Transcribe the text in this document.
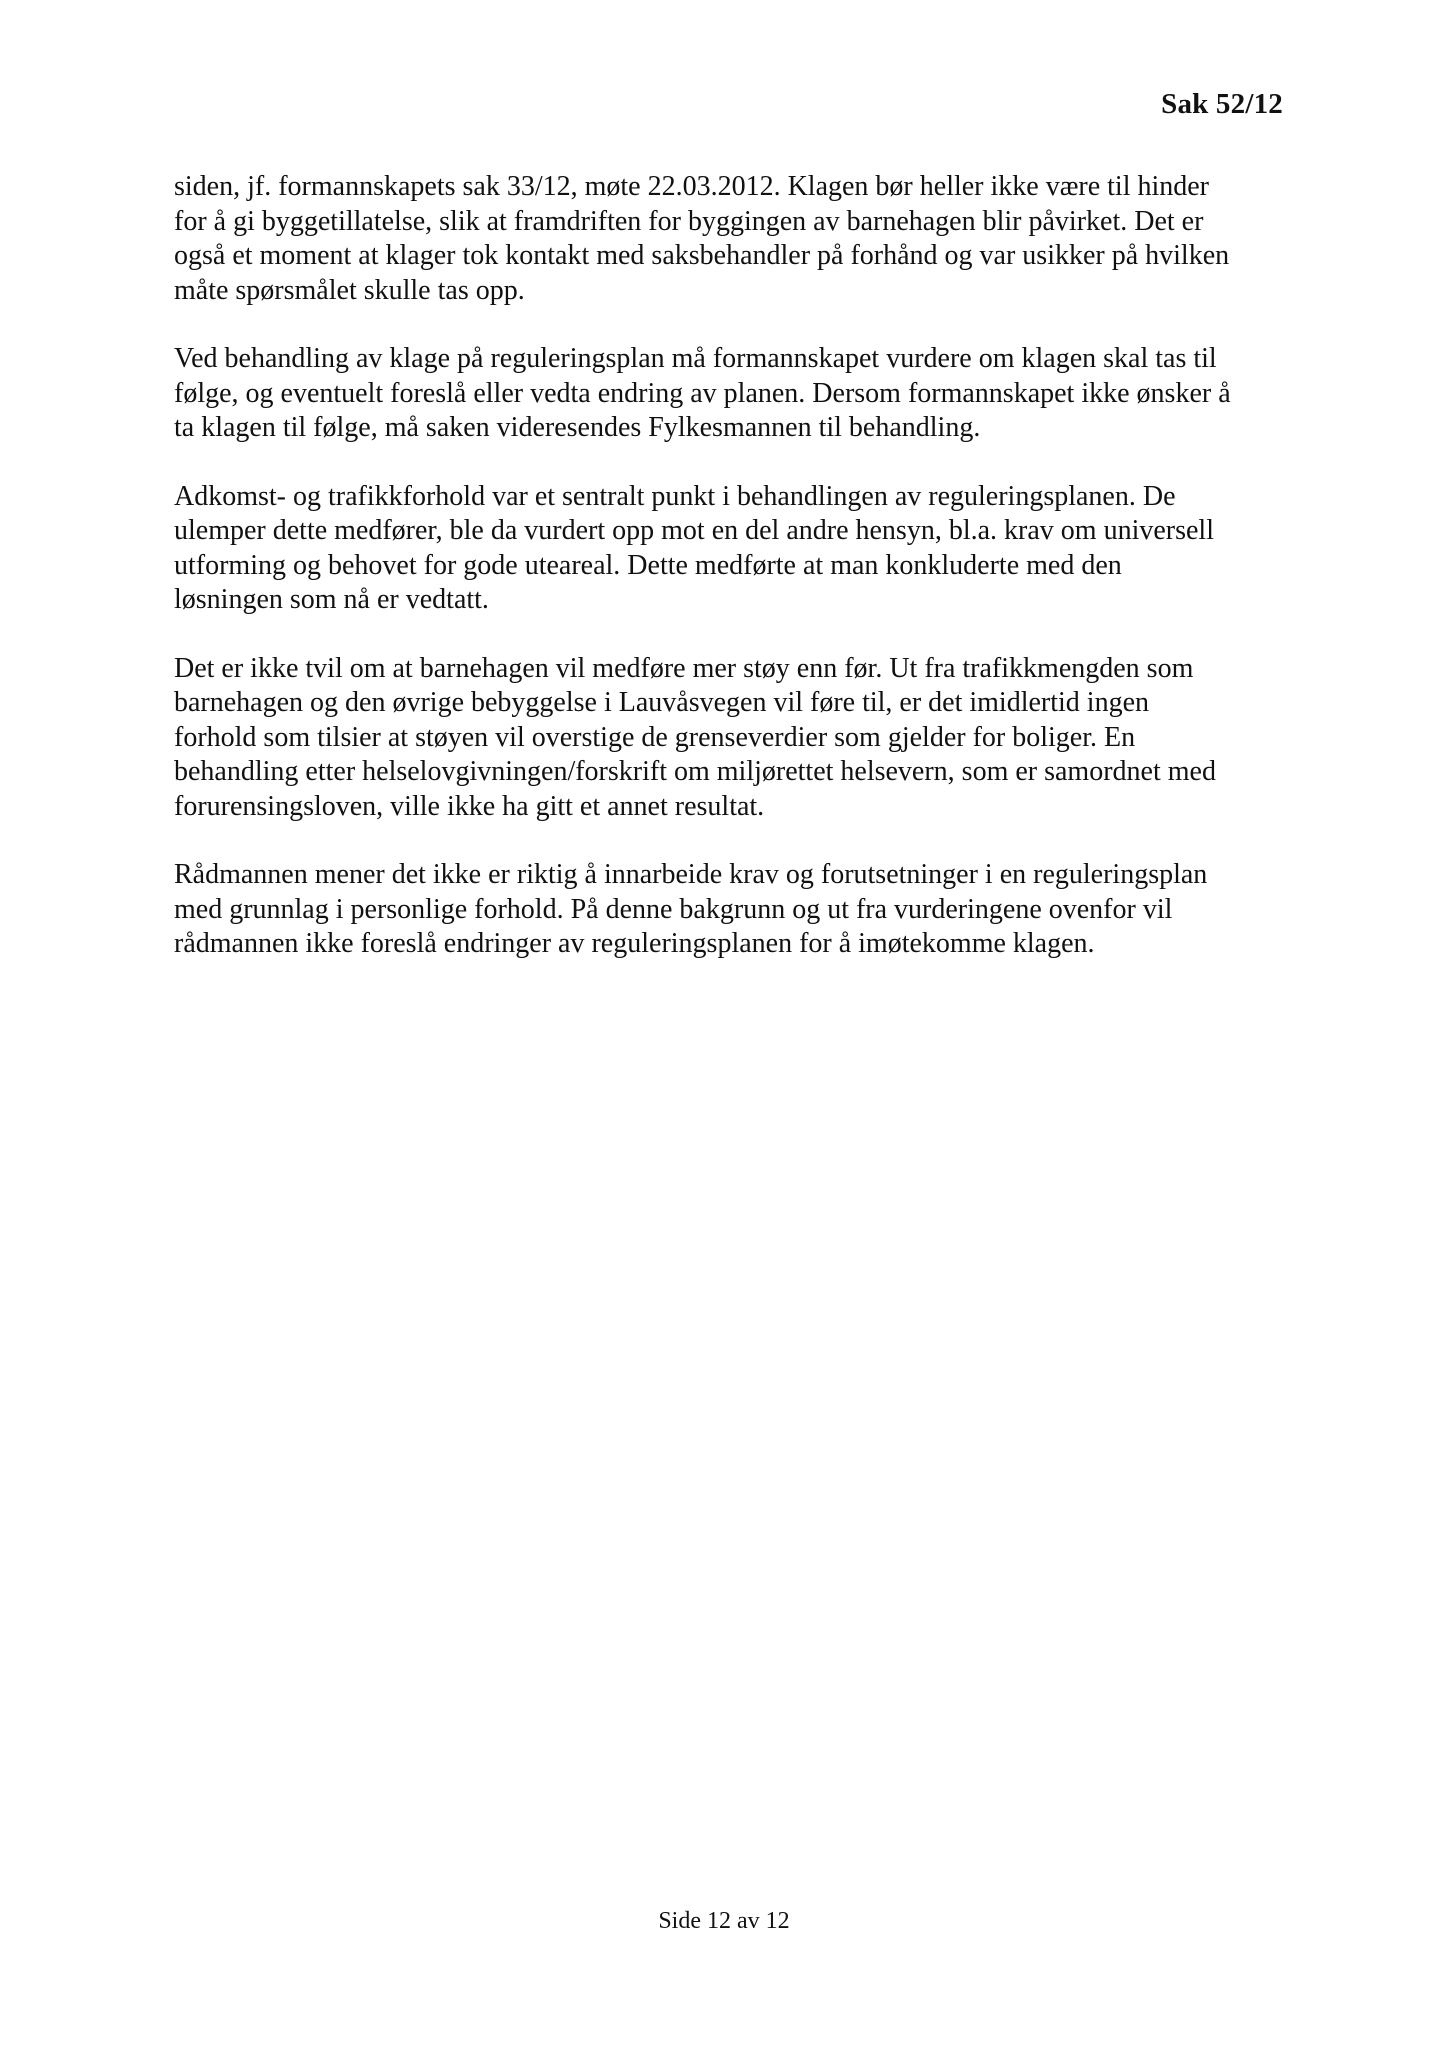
Sak 52/12

siden, jf. formannskapets sak 33/12, møte 22.03.2012. Klagen bør heller ikke være til hinder
for å gi byggetillatelse, slik at framdriften for byggingen av barnehagen blir påvirket. Det er
også et moment at klager tok kontakt med saksbehandler på forhånd og var usikker på hvilken
måte spørsmålet skulle tas opp.

Ved behandling av klage på reguleringsplan må formannskapet vurdere om klagen skal tas til
følge, og eventuelt foreslå eller vedta endring av planen. Dersom formannskapet ikke ønsker å
ta klagen til følge, må saken videresendes Fylkesmannen til behandling.

Adkomst- og trafikkforhold var et sentralt punkt i behandlingen av reguleringsplanen. De
ulemper dette medfører, ble da vurdert opp mot en del andre hensyn, bl.a. krav om universell
utforming og behovet for gode uteareal. Dette medførte at man konkluderte med den
løsningen som nå er vedtatt.

Det er ikke tvil om at barnehagen vil medføre mer støy enn før. Ut fra trafikkmengden som
barnehagen og den øvrige bebyggelse i Lauvåsvegen vil føre til, er det imidlertid ingen
forhold som tilsier at støyen vil overstige de grenseverdier som gjelder for boliger. En
behandling etter helselovgivningen/forskrift om miljørettet helsevern, som er samordnet med
forurensingsloven, ville ikke ha gitt et annet resultat.

Rådmannen mener det ikke er riktig å innarbeide krav og forutsetninger i en reguleringsplan
med grunnlag i personlige forhold. På denne bakgrunn og ut fra vurderingene ovenfor vil
rådmannen ikke foreslå endringer av reguleringsplanen for å imøtekomme klagen.

Side 12 av 12
